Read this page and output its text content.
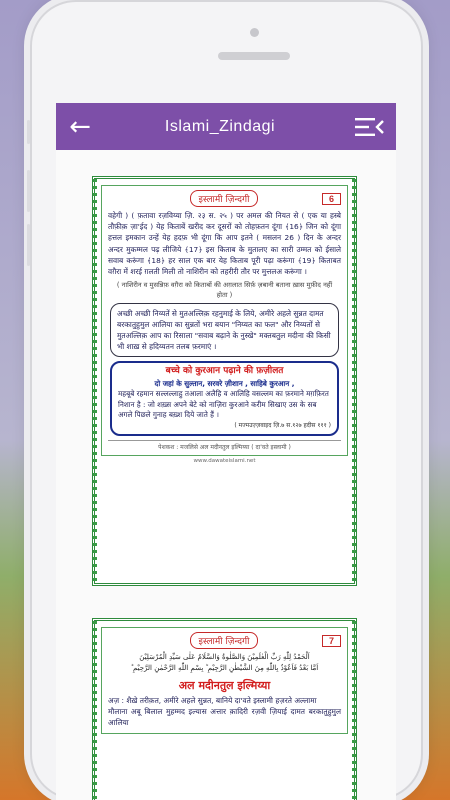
←	Islami_Zindagi
इस्लामी ज़िन्दगी	6

वहेगी ) ( फ़तावा रज़विय्या ज़ि. २३ स. २५ ) पर अमल की नियत से ( एक या हस्बे तौफ़ीक़ ज़ा'ईद ) येह किताबें खरीद कर दूसरों को तोहफ़तन दूंगा ﴾16﴿ जिन को दूंगा हत्तल इमकान उन्हें येह हदफ़ भी दूंगा कि आप इतने ( मसलन 26 ) दिन के अन्दर अन्दर मुकम्मल पढ़ लीजिये ﴾17﴿ इस किताब के मुतालए का सारी उम्मत को ईसाले सवाब करूंगा ﴾18﴿ हर साल एक बार येह किताब पूरी पढ़ा करूंगा ﴾19﴿ किताबत वग़ैरा में शरई ग़लती मिली तो नाशिरीन को तहरीरी तौर पर मुत्तलअ करूंगा ।

( नाशिरीन व मुसन्निफ़ वग़ैरा को किताबों की अग़लात सिर्फ़ ज़बानी बताना ख़ास मुफ़ीद नहीं होता )

अच्छी अच्छी निय्यतें से मुतअल्लिक़ रहनुमाई के लिये, अमीरे अहले सुन्नत दामत बरकातुहुमुल आलिया का सुन्नतों भरा बयान "निय्यत का फल" और निय्यतों से मुतअल्लिक़ आप का रिसाला "सवाब बढ़ाने के नुस्खे" मक्तबतुल मदीना की किसी भी शाख़ से हदिय्यतन तलब फ़रमाएं ।
बच्चे को कुरआन पढ़ाने की फ़ज़ीलत
दो जहां के सुल्तान, सरवरे ज़ीशान , साहिबे कुरआन ,
महबूबे रहमान सल्लल्लाहु तआला अलैहि व आलिहि वसल्लम का फ़रमाने मग़फ़िरत निशान है : जो शख़्स अपने बेटे को नाज़िरा कुरआने करीम सिखाए उस के सब अगले पिछले गुनाह बख़्श दिये जाते हैं ।
( मज्मउज़्ज़वाइद ज़ि.७ स.१२७ हदीस १११ )
पेशकश : मजलिसे अल मदीनतुल इल्मिय्या ( दा'वते इस्लामी )
www.dawateislami.net
इस्लामी ज़िन्दगी	7

اَلْحَمْدُ لِلّٰهِ رَبِّ الْعٰلَمِيْنَ وَالصَّلٰوةُ وَالسَّلَامُ عَلٰى سَيِّدِ الْمُرْسَلِيْنَ

اَمَّا بَعْدُ فَاَعُوْذُ بِاللّٰهِ مِنَ الشَّيْطٰنِ الرَّجِيْمِ ؕ بِسْمِ اللّٰهِ الرَّحْمٰنِ الرَّحِيْمِ ؕ

अल मदीनतुल इल्मिय्या

अज़ : शैख़े तरीक़त, अमीरे अहले सुन्नत, बानिये दा'वते इस्लामी हज़रते अल्लामा

मौलाना अबू बिलाल मुहम्मद इल्यास अत्तार क़ादिरी रज़वी ज़ियाई दामत बरकातुहुमुल आलिया
